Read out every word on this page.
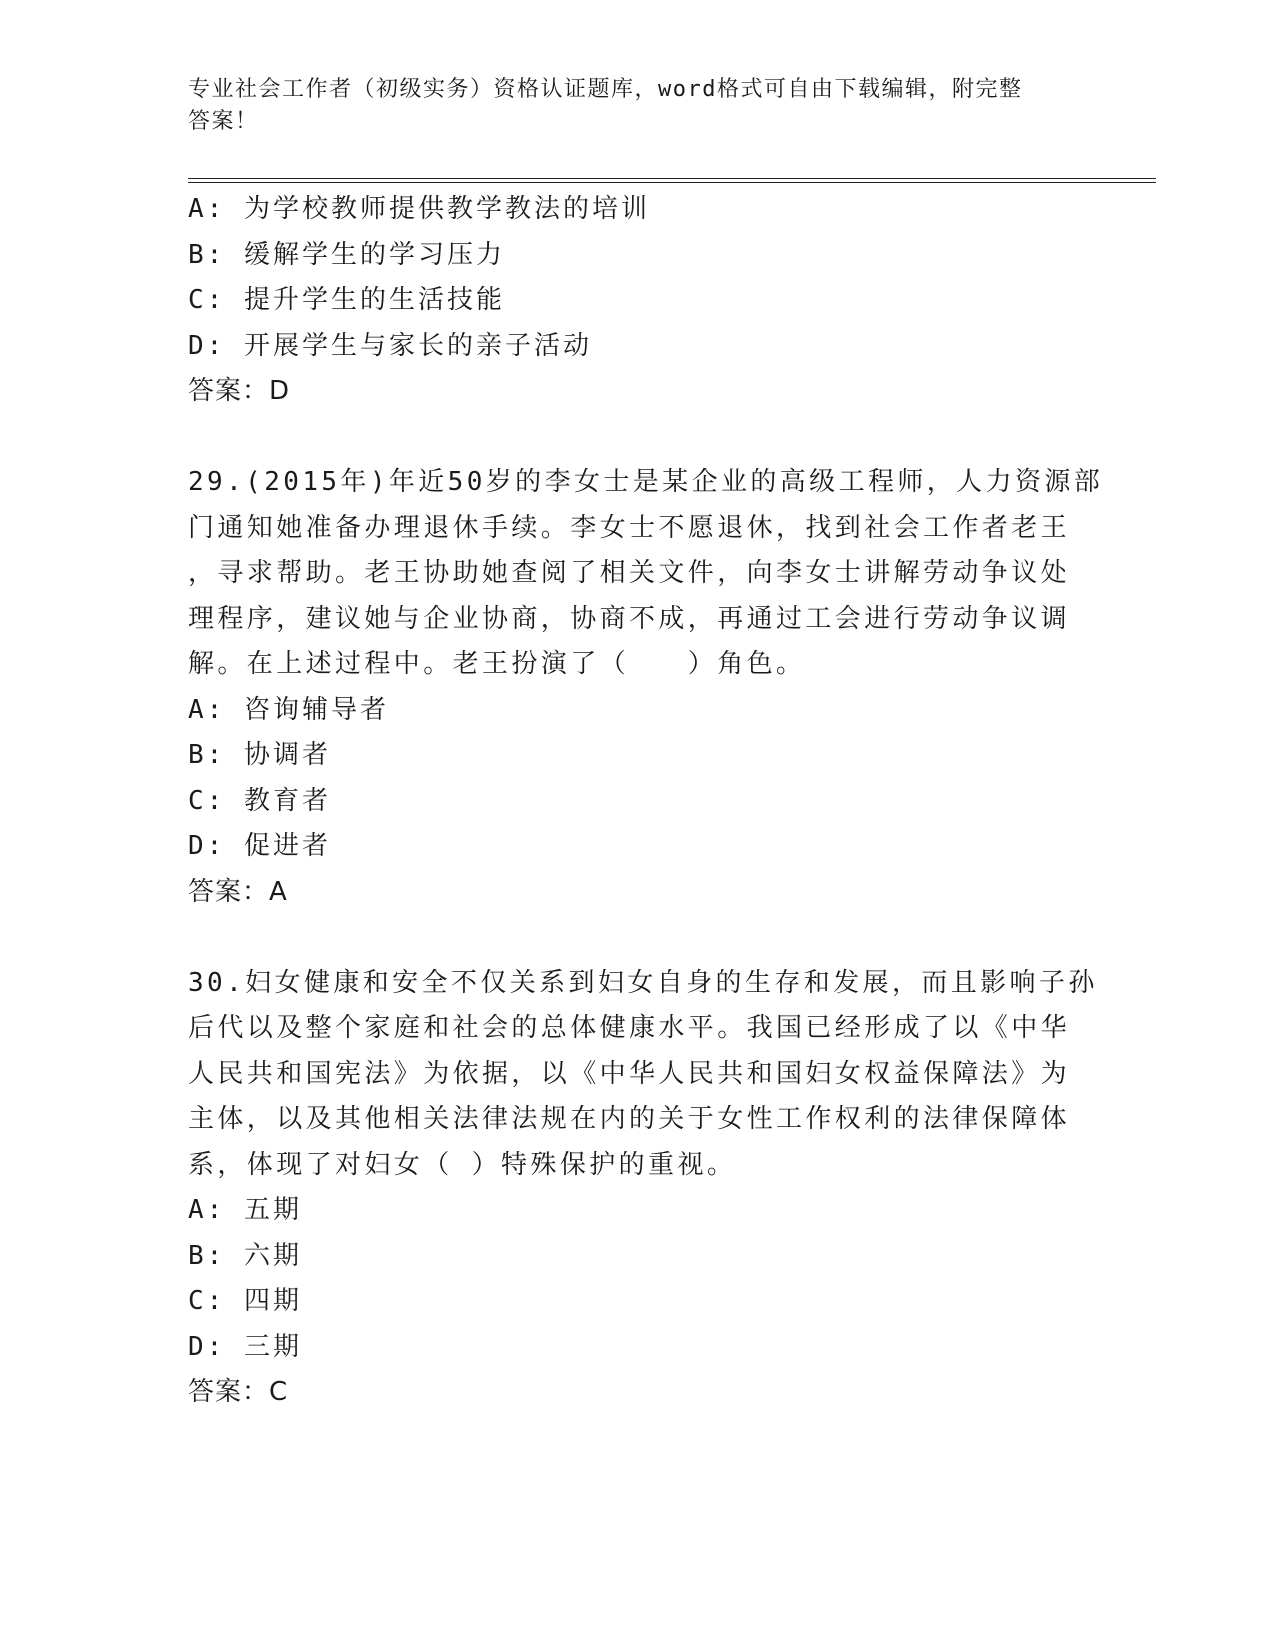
专业社会工作者（初级实务）资格认证题库，word格式可自由下载编辑，附完整
答案！
A: 为学校教师提供教学教法的培训
B: 缓解学生的学习压力
C: 提升学生的生活技能
D: 开展学生与家长的亲子活动
答案：D
29.(2015年)年近50岁的李女士是某企业的高级工程师，人力资源部
门通知她准备办理退休手续。李女士不愿退休，找到社会工作者老王
，寻求帮助。老王协助她查阅了相关文件，向李女士讲解劳动争议处
理程序，建议她与企业协商，协商不成，再通过工会进行劳动争议调
解。在上述过程中。老王扮演了（　　）角色。
A: 咨询辅导者
B: 协调者
C: 教育者
D: 促进者
答案：A
30.妇女健康和安全不仅关系到妇女自身的生存和发展，而且影响子孙
后代以及整个家庭和社会的总体健康水平。我国已经形成了以《中华
人民共和国宪法》为依据，以《中华人民共和国妇女权益保障法》为
主体，以及其他相关法律法规在内的关于女性工作权利的法律保障体
系，体现了对妇女（ ）特殊保护的重视。
A: 五期
B: 六期
C: 四期
D: 三期
答案：C
